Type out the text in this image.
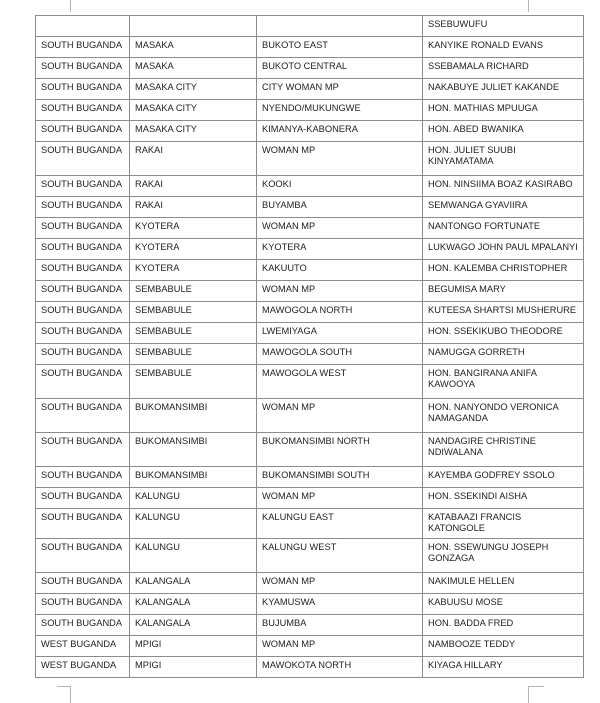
			SSEBUWUFU
SOUTH BUGANDA	MASAKA	BUKOTO EAST	KANYIKE RONALD EVANS
SOUTH BUGANDA	MASAKA	BUKOTO CENTRAL	SSEBAMALA RICHARD
SOUTH BUGANDA	MASAKA CITY	CITY WOMAN MP	NAKABUYE JULIET KAKANDE
SOUTH BUGANDA	MASAKA CITY	NYENDO/MUKUNGWE	HON. MATHIAS MPUUGA
SOUTH BUGANDA	MASAKA CITY	KIMANYA-KABONERA	HON. ABED BWANIKA
SOUTH BUGANDA	RAKAI	WOMAN MP	HON. JULIET SUUBI KINYAMATAMA
SOUTH BUGANDA	RAKAI	KOOKI	HON. NINSIIMA BOAZ KASIRABO
SOUTH BUGANDA	RAKAI	BUYAMBA	SEMWANGA GYAVIIRA
SOUTH BUGANDA	KYOTERA	WOMAN MP	NANTONGO FORTUNATE
SOUTH BUGANDA	KYOTERA	KYOTERA	LUKWAGO JOHN PAUL MPALANYI
SOUTH BUGANDA	KYOTERA	KAKUUTO	HON. KALEMBA CHRISTOPHER
SOUTH BUGANDA	SEMBABULE	WOMAN MP	BEGUMISA MARY
SOUTH BUGANDA	SEMBABULE	MAWOGOLA NORTH	KUTEESA SHARTSI MUSHERURE
SOUTH BUGANDA	SEMBABULE	LWEMIYAGA	HON. SSEKIKUBO THEODORE
SOUTH BUGANDA	SEMBABULE	MAWOGOLA SOUTH	NAMUGGA GORRETH
SOUTH BUGANDA	SEMBABULE	MAWOGOLA WEST	HON. BANGIRANA ANIFA KAWOOYA
SOUTH BUGANDA	BUKOMANSIMBI	WOMAN MP	HON. NANYONDO VERONICA NAMAGANDA
SOUTH BUGANDA	BUKOMANSIMBI	BUKOMANSIMBI NORTH	NANDAGIRE CHRISTINE NDIWALANA
SOUTH BUGANDA	BUKOMANSIMBI	BUKOMANSIMBI SOUTH	KAYEMBA GODFREY SSOLO
SOUTH BUGANDA	KALUNGU	WOMAN MP	HON. SSEKINDI AISHA
SOUTH BUGANDA	KALUNGU	KALUNGU EAST	KATABAAZI FRANCIS KATONGOLE
SOUTH BUGANDA	KALUNGU	KALUNGU WEST	HON. SSEWUNGU JOSEPH GONZAGA
SOUTH BUGANDA	KALANGALA	WOMAN MP	NAKIMULE HELLEN
SOUTH BUGANDA	KALANGALA	KYAMUSWA	KABUUSU MOSE
SOUTH BUGANDA	KALANGALA	BUJUMBA	HON. BADDA FRED
WEST BUGANDA	MPIGI	WOMAN MP	NAMBOOZE TEDDY
WEST BUGANDA	MPIGI	MAWOKOTA NORTH	KIYAGA HILLARY
